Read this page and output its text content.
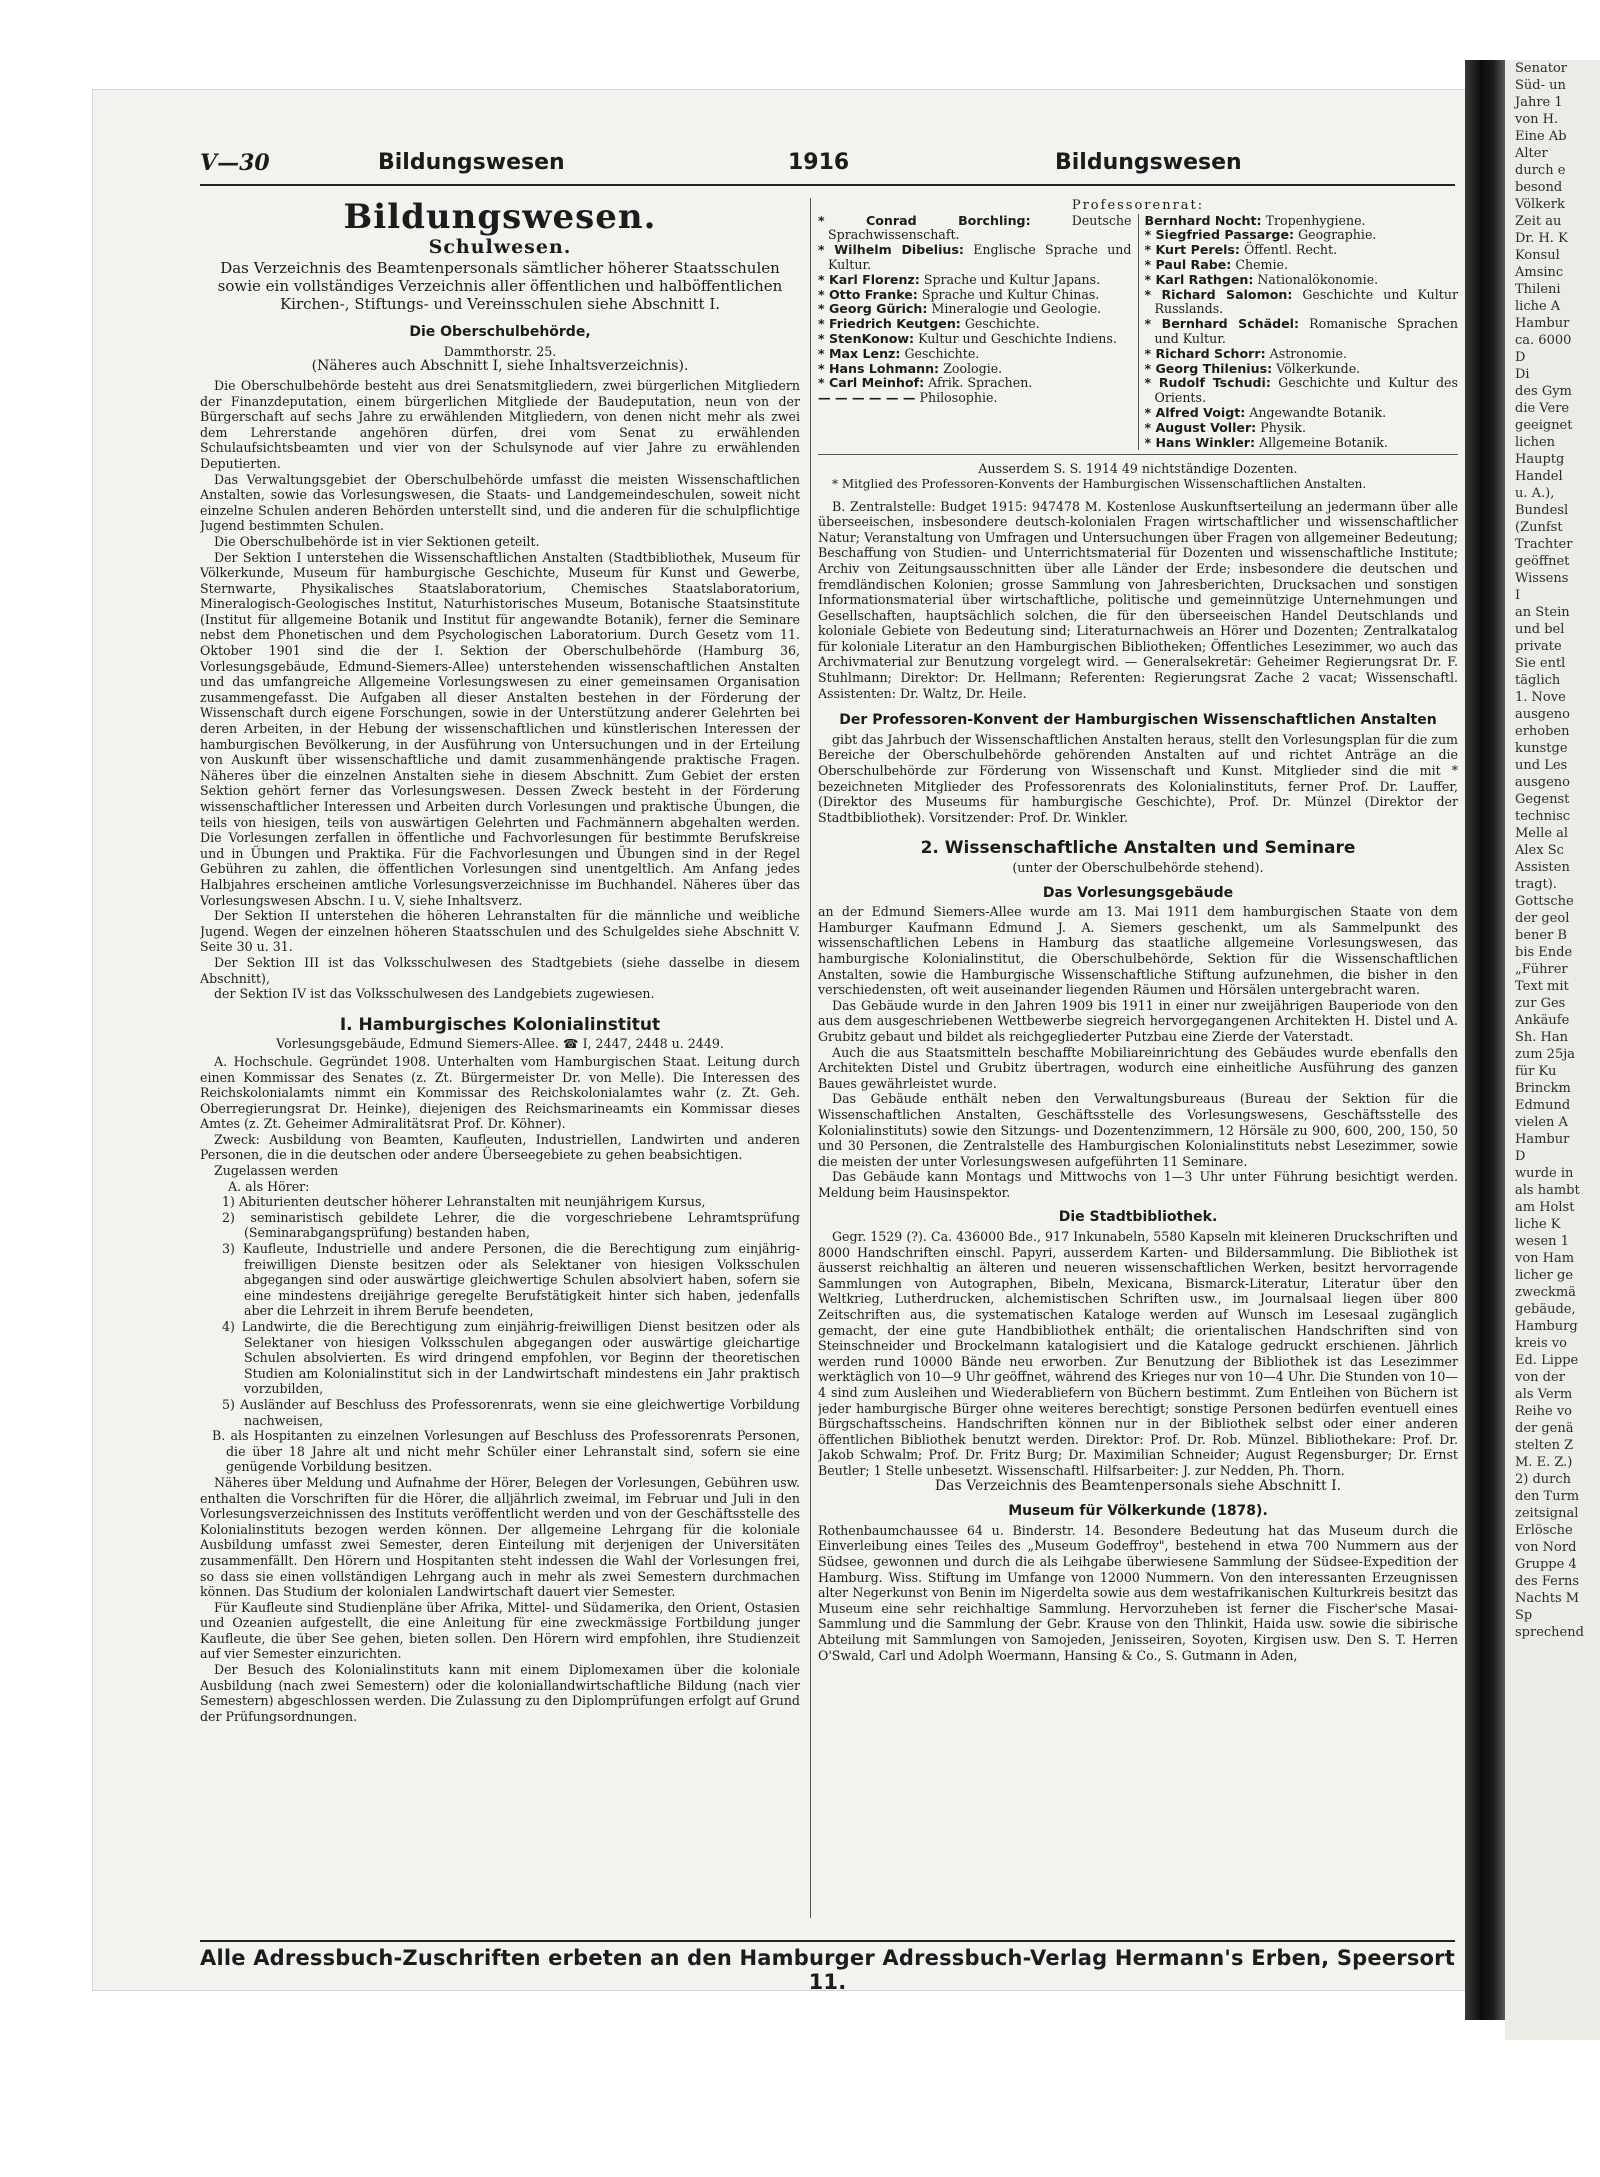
Senator
Süd- un
Jahre 1
von H.
Eine Ab
Alter
durch e
besond
Völkerk
Zeit au
Dr. H. K
Konsul
Amsinc
Thileni
liche A
Hambur
ca. 6000
D
Di
des Gym
die Vere
geeignet
lichen
Hauptg
Handel
u. A.),
Bundesl
(Zunfst
Trachter
geöffnet
Wissens
I
an Stein
und bel
private
Sie entl
täglich
1. Nove
ausgeno
erhoben
kunstge
und Les
ausgeno
Gegenst
technisc
Melle al
Alex Sc
Assisten
tragt).
Gottsche
der geol
bener B
bis Ende
„Führer
Text mit
zur Ges
Ankäufe
Sh. Han
zum 25ja
für Ku
Brinckm
Edmund
vielen A
Hambur
D
wurde in
als hambt
am Holst
liche K
wesen 1
von Ham
licher ge
zweckmä
gebäude,
Hamburg
kreis vo
Ed. Lippe
von der
als Verm
Reihe vo
der genä
stelten Z
M. E. Z.)
2) durch
den Turm
zeitsignal
Erlösche
von Nord
Gruppe 4
des Ferns
Nachts M
Sp
sprechend
V—30	Bildungswesen	1916	Bildungswesen
Bildungswesen.
Schulwesen.
Das Verzeichnis des Beamtenpersonals sämtlicher höherer Staatsschulen sowie ein vollständiges Verzeichnis aller öffentlichen und halböffentlichen Kirchen-, Stiftungs- und Vereinsschulen siehe Abschnitt I.
Die Oberschulbehörde,
Dammthorstr. 25.
(Näheres auch Abschnitt I, siehe Inhaltsverzeichnis).

Die Oberschulbehörde besteht aus drei Senatsmitgliedern, zwei bürgerlichen Mitgliedern der Finanzdeputation, einem bürgerlichen Mitgliede der Baudeputation, neun von der Bürgerschaft auf sechs Jahre zu erwählenden Mitgliedern, von denen nicht mehr als zwei dem Lehrerstande angehören dürfen, drei vom Senat zu erwählenden Schulaufsichtsbeamten und vier von der Schulsynode auf vier Jahre zu erwählenden Deputierten.

Das Verwaltungsgebiet der Oberschulbehörde umfasst die meisten Wissenschaftlichen Anstalten, sowie das Vorlesungswesen, die Staats- und Landgemeindeschulen, soweit nicht einzelne Schulen anderen Behörden unterstellt sind, und die anderen für die schulpflichtige Jugend bestimmten Schulen.

Die Oberschulbehörde ist in vier Sektionen geteilt.

Der Sektion I unterstehen die Wissenschaftlichen Anstalten (Stadtbibliothek, Museum für Völkerkunde, Museum für hamburgische Geschichte, Museum für Kunst und Gewerbe, Sternwarte, Physikalisches Staatslaboratorium, Chemisches Staatslaboratorium, Mineralogisch-Geologisches Institut, Naturhistorisches Museum, Botanische Staatsinstitute (Institut für allgemeine Botanik und Institut für angewandte Botanik), ferner die Seminare nebst dem Phonetischen und dem Psychologischen Laboratorium. Durch Gesetz vom 11. Oktober 1901 sind die der I. Sektion der Oberschulbehörde (Hamburg 36, Vorlesungsgebäude, Edmund-Siemers-Allee) unterstehenden wissenschaftlichen Anstalten und das umfangreiche Allgemeine Vorlesungswesen zu einer gemeinsamen Organisation zusammengefasst. Die Aufgaben all dieser Anstalten bestehen in der Förderung der Wissenschaft durch eigene Forschungen, sowie in der Unterstützung anderer Gelehrten bei deren Arbeiten, in der Hebung der wissenschaftlichen und künstlerischen Interessen der hamburgischen Bevölkerung, in der Ausführung von Untersuchungen und in der Erteilung von Auskunft über wissenschaftliche und damit zusammenhängende praktische Fragen. Näheres über die einzelnen Anstalten siehe in diesem Abschnitt. Zum Gebiet der ersten Sektion gehört ferner das Vorlesungswesen. Dessen Zweck besteht in der Förderung wissenschaftlicher Interessen und Arbeiten durch Vorlesungen und praktische Übungen, die teils von hiesigen, teils von auswärtigen Gelehrten und Fachmännern abgehalten werden. Die Vorlesungen zerfallen in öffentliche und Fachvorlesungen für bestimmte Berufskreise und in Übungen und Praktika. Für die Fachvorlesungen und Übungen sind in der Regel Gebühren zu zahlen, die öffentlichen Vorlesungen sind unentgeltlich. Am Anfang jedes Halbjahres erscheinen amtliche Vorlesungsverzeichnisse im Buchhandel. Näheres über das Vorlesungswesen Abschn. I u. V, siehe Inhaltsverz.

Der Sektion II unterstehen die höheren Lehranstalten für die männliche und weibliche Jugend. Wegen der einzelnen höheren Staatsschulen und des Schulgeldes siehe Abschnitt V. Seite 30 u. 31.

Der Sektion III ist das Volksschulwesen des Stadtgebiets (siehe dasselbe in diesem Abschnitt),

der Sektion IV ist das Volksschulwesen des Landgebiets zugewiesen.

I. Hamburgisches Kolonialinstitut
Vorlesungsgebäude, Edmund Siemers-Allee. ☎ I, 2447, 2448 u. 2449.

A. Hochschule. Gegründet 1908. Unterhalten vom Hamburgischen Staat. Leitung durch einen Kommissar des Senates (z. Zt. Bürgermeister Dr. von Melle). Die Interessen des Reichskolonialamts nimmt ein Kommissar des Reichskolonialamtes wahr (z. Zt. Geh. Oberregierungsrat Dr. Heinke), diejenigen des Reichsmarineamts ein Kommissar dieses Amtes (z. Zt. Geheimer Admiralitätsrat Prof. Dr. Köhner).

Zweck: Ausbildung von Beamten, Kaufleuten, Industriellen, Landwirten und anderen Personen, die in die deutschen oder andere Überseegebiete zu gehen beabsichtigen.

Zugelassen werden

A. als Hörer:

1) Abiturienten deutscher höherer Lehranstalten mit neunjährigem Kursus,
2) seminaristisch gebildete Lehrer, die die vorgeschriebene Lehramtsprüfung (Seminarabgangsprüfung) bestanden haben,
3) Kaufleute, Industrielle und andere Personen, die die Berechtigung zum einjährig-freiwilligen Dienste besitzen oder als Selektaner von hiesigen Volksschulen abgegangen sind oder auswärtige gleichwertige Schulen absolviert haben, sofern sie eine mindestens dreijährige geregelte Berufstätigkeit hinter sich haben, jedenfalls aber die Lehrzeit in ihrem Berufe beendeten,
4) Landwirte, die die Berechtigung zum einjährig-freiwilligen Dienst besitzen oder als Selektaner von hiesigen Volksschulen abgegangen oder auswärtige gleichartige Schulen absolvierten. Es wird dringend empfohlen, vor Beginn der theoretischen Studien am Kolonialinstitut sich in der Landwirtschaft mindestens ein Jahr praktisch vorzubilden,
5) Ausländer auf Beschluss des Professorenrats, wenn sie eine gleichwertige Vorbildung nachweisen,
B. als Hospitanten zu einzelnen Vorlesungen auf Beschluss des Professorenrats Personen, die über 18 Jahre alt und nicht mehr Schüler einer Lehranstalt sind, sofern sie eine genügende Vorbildung besitzen.

Näheres über Meldung und Aufnahme der Hörer, Belegen der Vorlesungen, Gebühren usw. enthalten die Vorschriften für die Hörer, die alljährlich zweimal, im Februar und Juli in den Vorlesungsverzeichnissen des Instituts veröffentlicht werden und von der Geschäftsstelle des Kolonialinstituts bezogen werden können. Der allgemeine Lehrgang für die koloniale Ausbildung umfasst zwei Semester, deren Einteilung mit derjenigen der Universitäten zusammenfällt. Den Hörern und Hospitanten steht indessen die Wahl der Vorlesungen frei, so dass sie einen vollständigen Lehrgang auch in mehr als zwei Semestern durchmachen können. Das Studium der kolonialen Landwirtschaft dauert vier Semester.

Für Kaufleute sind Studienpläne über Afrika, Mittel- und Südamerika, den Orient, Ostasien und Ozeanien aufgestellt, die eine Anleitung für eine zweckmässige Fortbildung junger Kaufleute, die über See gehen, bieten sollen. Den Hörern wird empfohlen, ihre Studienzeit auf vier Semester einzurichten.

Der Besuch des Kolonialinstituts kann mit einem Diplomexamen über die koloniale Ausbildung (nach zwei Semestern) oder die koloniallandwirtschaftliche Bildung (nach vier Semestern) abgeschlossen werden. Die Zulassung zu den Diplomprüfungen erfolgt auf Grund der Prüfungsordnungen.

Professorenrat:
* Conrad Borchling:	Deutsche Sprachwissenschaft.
* Wilhelm Dibelius: Englische Sprache und Kultur.
* Karl Florenz: Sprache und Kultur Japans.
* Otto Franke: Sprache und Kultur Chinas.
* Georg Gürich: Mineralogie und Geologie.
* Friedrich Keutgen: Geschichte.
* StenKonow: Kultur und Geschichte Indiens.
* Max Lenz: Geschichte.
* Hans Lohmann: Zoologie.
* Carl Meinhof: Afrik. Sprachen.
— — — — — — Philosophie.
Bernhard Nocht: Tropenhygiene.
* Siegfried Passarge: Geographie.
* Kurt Perels: Öffentl. Recht.
* Paul Rabe: Chemie.
* Karl Rathgen: Nationalökonomie.
* Richard Salomon: Geschichte und Kultur Russlands.
* Bernhard Schädel: Romanische Sprachen und Kultur.
* Richard Schorr: Astronomie.
* Georg Thilenius: Völkerkunde.
* Rudolf Tschudi: Geschichte und Kultur des Orients.
* Alfred Voigt: Angewandte Botanik.
* August Voller: Physik.
* Hans Winkler: Allgemeine Botanik.
Ausserdem S. S. 1914 49 nichtständige Dozenten.

* Mitglied des Professoren-Konvents der Hamburgischen Wissenschaftlichen Anstalten.

B. Zentralstelle: Budget 1915: 947478 M. Kostenlose Auskunftserteilung an jedermann über alle überseeischen, insbesondere deutsch-kolonialen Fragen wirtschaftlicher und wissenschaftlicher Natur; Veranstaltung von Umfragen und Untersuchungen über Fragen von allgemeiner Bedeutung; Beschaffung von Studien- und Unterrichtsmaterial für Dozenten und wissenschaftliche Institute; Archiv von Zeitungsausschnitten über alle Länder der Erde; insbesondere die deutschen und fremdländischen Kolonien; grosse Sammlung von Jahresberichten, Drucksachen und sonstigen Informationsmaterial über wirtschaftliche, politische und gemeinnützige Unternehmungen und Gesellschaften, hauptsächlich solchen, die für den überseeischen Handel Deutschlands und koloniale Gebiete von Bedeutung sind; Literaturnachweis an Hörer und Dozenten; Zentralkatalog für koloniale Literatur an den Hamburgischen Bibliotheken; Öffentliches Lesezimmer, wo auch das Archivmaterial zur Benutzung vorgelegt wird. — Generalsekretär: Geheimer Regierungsrat Dr. F. Stuhlmann; Direktor: Dr. Hellmann; Referenten: Regierungsrat Zache 2 vacat; Wissenschaftl. Assistenten: Dr. Waltz, Dr. Heile.

Der Professoren-Konvent der Hamburgischen Wissenschaftlichen Anstalten

gibt das Jahrbuch der Wissenschaftlichen Anstalten heraus, stellt den Vorlesungsplan für die zum Bereiche der Oberschulbehörde gehörenden Anstalten auf und richtet Anträge an die Oberschulbehörde zur Förderung von Wissenschaft und Kunst. Mitglieder sind die mit * bezeichneten Mitglieder des Professorenrats des Kolonialinstituts, ferner Prof. Dr. Lauffer, (Direktor des Museums für hamburgische Geschichte), Prof. Dr. Münzel (Direktor der Stadtbibliothek). Vorsitzender: Prof. Dr. Winkler.

2. Wissenschaftliche Anstalten und Seminare
(unter der Oberschulbehörde stehend).
Das Vorlesungsgebäude

an der Edmund Siemers-Allee wurde am 13. Mai 1911 dem hamburgischen Staate von dem Hamburger Kaufmann Edmund J. A. Siemers geschenkt, um als Sammelpunkt des wissenschaftlichen Lebens in Hamburg das staatliche allgemeine Vorlesungswesen, das hamburgische Kolonialinstitut, die Oberschulbehörde, Sektion für die Wissenschaftlichen Anstalten, sowie die Hamburgische Wissenschaftliche Stiftung aufzunehmen, die bisher in den verschiedensten, oft weit auseinander liegenden Räumen und Hörsälen untergebracht waren.

Das Gebäude wurde in den Jahren 1909 bis 1911 in einer nur zweijährigen Bauperiode von den aus dem ausgeschriebenen Wettbewerbe siegreich hervorgegangenen Architekten H. Distel und A. Grubitz gebaut und bildet als reichgegliederter Putzbau eine Zierde der Vaterstadt.

Auch die aus Staatsmitteln beschaffte Mobiliareinrichtung des Gebäudes wurde ebenfalls den Architekten Distel und Grubitz übertragen, wodurch eine einheitliche Ausführung des ganzen Baues gewährleistet wurde.

Das Gebäude enthält neben den Verwaltungsbureaus (Bureau der Sektion für die Wissenschaftlichen Anstalten, Geschäftsstelle des Vorlesungswesens, Geschäftsstelle des Kolonialinstituts) sowie den Sitzungs- und Dozentenzimmern, 12 Hörsäle zu 900, 600, 200, 150, 50 und 30 Personen, die Zentralstelle des Hamburgischen Kolonialinstituts nebst Lesezimmer, sowie die meisten der unter Vorlesungswesen aufgeführten 11 Seminare.

Das Gebäude kann Montags und Mittwochs von 1—3 Uhr unter Führung besichtigt werden. Meldung beim Hausinspektor.

Die Stadtbibliothek.

Gegr. 1529 (?). Ca. 436000 Bde., 917 Inkunabeln, 5580 Kapseln mit kleineren Druckschriften und 8000 Handschriften einschl. Papyri, ausserdem Karten- und Bildersammlung. Die Bibliothek ist äusserst reichhaltig an älteren und neueren wissenschaftlichen Werken, besitzt hervorragende Sammlungen von Autographen, Bibeln, Mexicana, Bismarck-Literatur, Literatur über den Weltkrieg, Lutherdrucken, alchemistischen Schriften usw., im Journalsaal liegen über 800 Zeitschriften aus, die systematischen Kataloge werden auf Wunsch im Lesesaal zugänglich gemacht, der eine gute Handbibliothek enthält; die orientalischen Handschriften sind von Steinschneider und Brockelmann katalogisiert und die Kataloge gedruckt erschienen. Jährlich werden rund 10000 Bände neu erworben. Zur Benutzung der Bibliothek ist das Lesezimmer werktäglich von 10—9 Uhr geöffnet, während des Krieges nur von 10—4 Uhr. Die Stunden von 10—4 sind zum Ausleihen und Wiederabliefern von Büchern bestimmt. Zum Entleihen von Büchern ist jeder hamburgische Bürger ohne weiteres berechtigt; sonstige Personen bedürfen eventuell eines Bürgschaftsscheins. Handschriften können nur in der Bibliothek selbst oder einer anderen öffentlichen Bibliothek benutzt werden. Direktor: Prof. Dr. Rob. Münzel. Bibliothekare: Prof. Dr. Jakob Schwalm; Prof. Dr. Fritz Burg; Dr. Maximilian Schneider; August Regensburger; Dr. Ernst Beutler; 1 Stelle unbesetzt. Wissenschaftl. Hilfsarbeiter: J. zur Nedden, Ph. Thorn.

Das Verzeichnis des Beamtenpersonals siehe Abschnitt I.
Museum für Völkerkunde (1878).

Rothenbaumchaussee 64 u. Binderstr. 14. Besondere Bedeutung hat das Museum durch die Einverleibung eines Teiles des „Museum Godeffroy", bestehend in etwa 700 Nummern aus der Südsee, gewonnen und durch die als Leihgabe überwiesene Sammlung der Südsee-Expedition der Hamburg. Wiss. Stiftung im Umfange von 12000 Nummern. Von den interessanten Erzeugnissen alter Negerkunst von Benin im Nigerdelta sowie aus dem westafrikanischen Kulturkreis besitzt das Museum eine sehr reichhaltige Sammlung. Hervorzuheben ist ferner die Fischer'sche Masai-Sammlung und die Sammlung der Gebr. Krause von den Thlinkit, Haida usw. sowie die sibirische Abteilung mit Sammlungen von Samojeden, Jenisseiren, Soyoten, Kirgisen usw. Den S. T. Herren O'Swald, Carl und Adolph Woermann, Hansing & Co., S. Gutmann in Aden,

Alle Adressbuch-Zuschriften erbeten an den Hamburger Adressbuch-Verlag Hermann's Erben, Speersort 11.
